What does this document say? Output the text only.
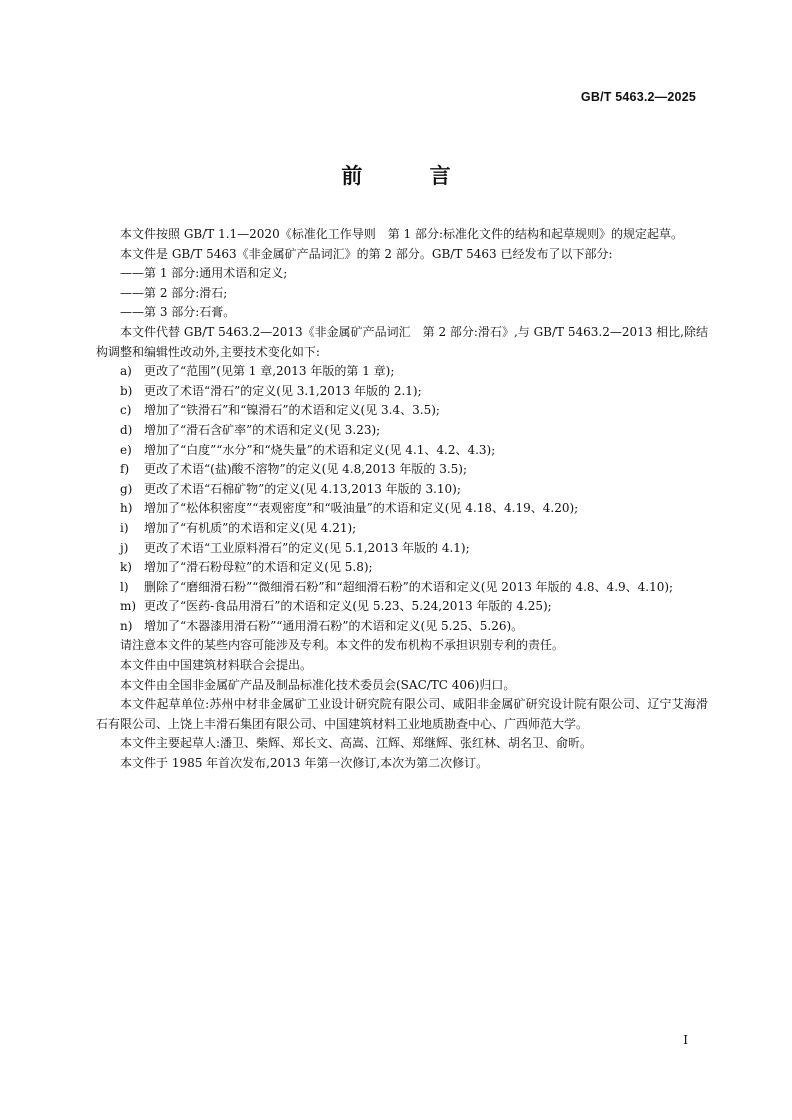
GB/T 5463.2—2025
前 言

本文件按照 GB/T 1.1—2020《标准化工作导则　第 1 部分:标准化文件的结构和起草规则》的规定起草。

本文件是 GB/T 5463《非金属矿产品词汇》的第 2 部分。GB/T 5463 已经发布了以下部分:

——第 1 部分:通用术语和定义;

——第 2 部分:滑石;

——第 3 部分:石膏。

本文件代替 GB/T 5463.2—2013《非金属矿产品词汇　第 2 部分:滑石》,与 GB/T 5463.2—2013 相比,除结构调整和编辑性改动外,主要技术变化如下:

a) 更改了“范围”(见第 1 章,2013 年版的第 1 章);

b) 更改了术语“滑石”的定义(见 3.1,2013 年版的 2.1);

c) 增加了“铁滑石”和“镍滑石”的术语和定义(见 3.4、3.5);

d) 增加了“滑石含矿率”的术语和定义(见 3.23);

e) 增加了“白度”“水分”和“烧失量”的术语和定义(见 4.1、4.2、4.3);

f) 更改了术语“(盐)酸不溶物”的定义(见 4.8,2013 年版的 3.5);

g) 更改了术语“石棉矿物”的定义(见 4.13,2013 年版的 3.10);

h) 增加了“松体积密度”“表观密度”和“吸油量”的术语和定义(见 4.18、4.19、4.20);

i) 增加了“有机质”的术语和定义(见 4.21);

j) 更改了术语“工业原料滑石”的定义(见 5.1,2013 年版的 4.1);

k) 增加了“滑石粉母粒”的术语和定义(见 5.8);

l) 删除了“磨细滑石粉”“微细滑石粉”和“超细滑石粉”的术语和定义(见 2013 年版的 4.8、4.9、4.10);

m) 更改了“医药-食品用滑石”的术语和定义(见 5.23、5.24,2013 年版的 4.25);

n) 增加了“木器漆用滑石粉”“通用滑石粉”的术语和定义(见 5.25、5.26)。

请注意本文件的某些内容可能涉及专利。本文件的发布机构不承担识别专利的责任。

本文件由中国建筑材料联合会提出。

本文件由全国非金属矿产品及制品标准化技术委员会(SAC/TC 406)归口。

本文件起草单位:苏州中材非金属矿工业设计研究院有限公司、咸阳非金属矿研究设计院有限公司、辽宁艾海滑石有限公司、上饶上丰滑石集团有限公司、中国建筑材料工业地质勘查中心、广西师范大学。

本文件主要起草人:潘卫、柴辉、郑长文、高嵩、江辉、郑继辉、张红林、胡名卫、俞昕。

本文件于 1985 年首次发布,2013 年第一次修订,本次为第二次修订。

I
